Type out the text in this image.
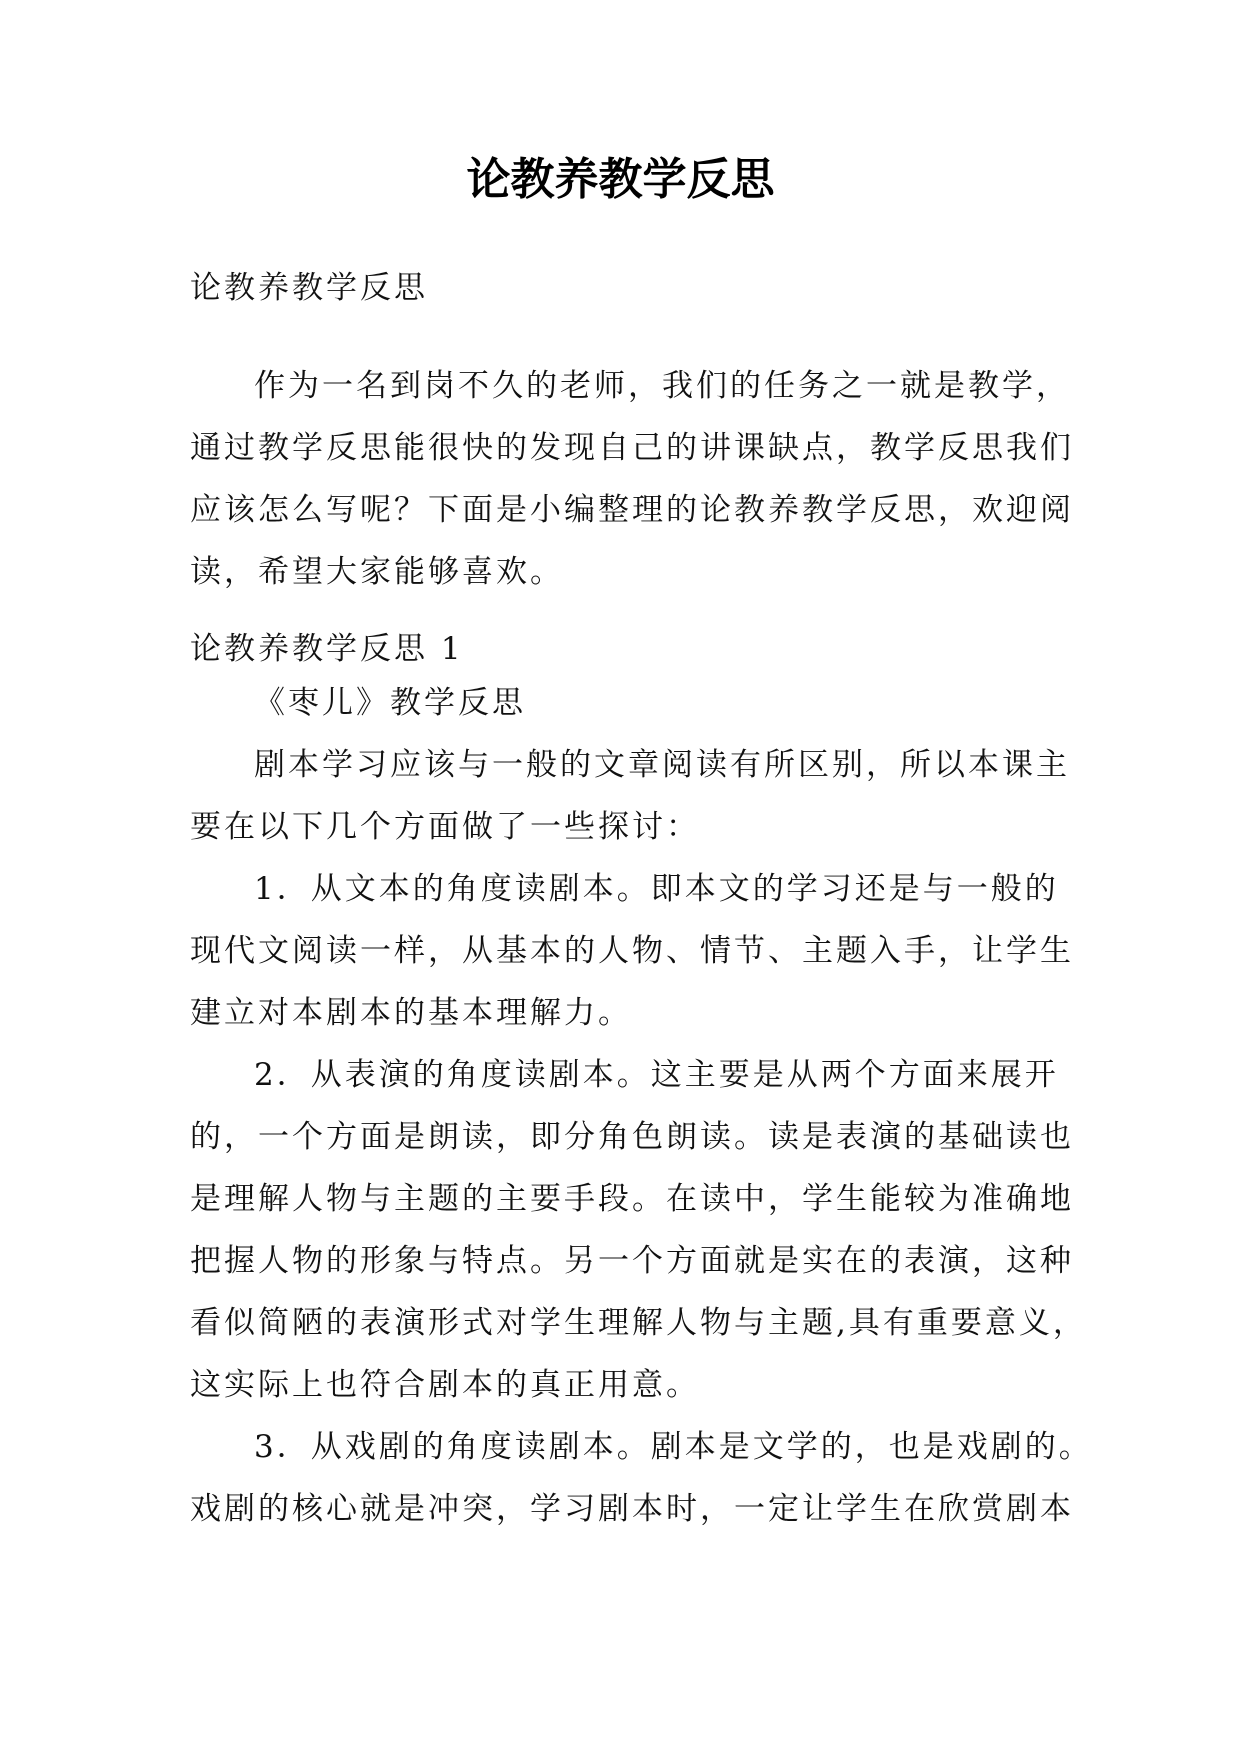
论教养教学反思

论教养教学反思

作为一名到岗不久的老师，我们的任务之一就是教学，
通过教学反思能很快的发现自己的讲课缺点，教学反思我们
应该怎么写呢？下面是小编整理的论教养教学反思，欢迎阅
读，希望大家能够喜欢。

论教养教学反思 1

《枣儿》教学反思
剧本学习应该与一般的文章阅读有所区别，所以本课主
要在以下几个方面做了一些探讨：
1．从文本的角度读剧本。即本文的学习还是与一般的
现代文阅读一样，从基本的人物、情节、主题入手，让学生
建立对本剧本的基本理解力。
2．从表演的角度读剧本。这主要是从两个方面来展开
的，一个方面是朗读，即分角色朗读。读是表演的基础读也
是理解人物与主题的主要手段。在读中，学生能较为准确地
把握人物的形象与特点。另一个方面就是实在的表演，这种
看似简陋的表演形式对学生理解人物与主题,具有重要意义，
这实际上也符合剧本的真正用意。
3．从戏剧的角度读剧本。剧本是文学的，也是戏剧的。
戏剧的核心就是冲突，学习剧本时，一定让学生在欣赏剧本
